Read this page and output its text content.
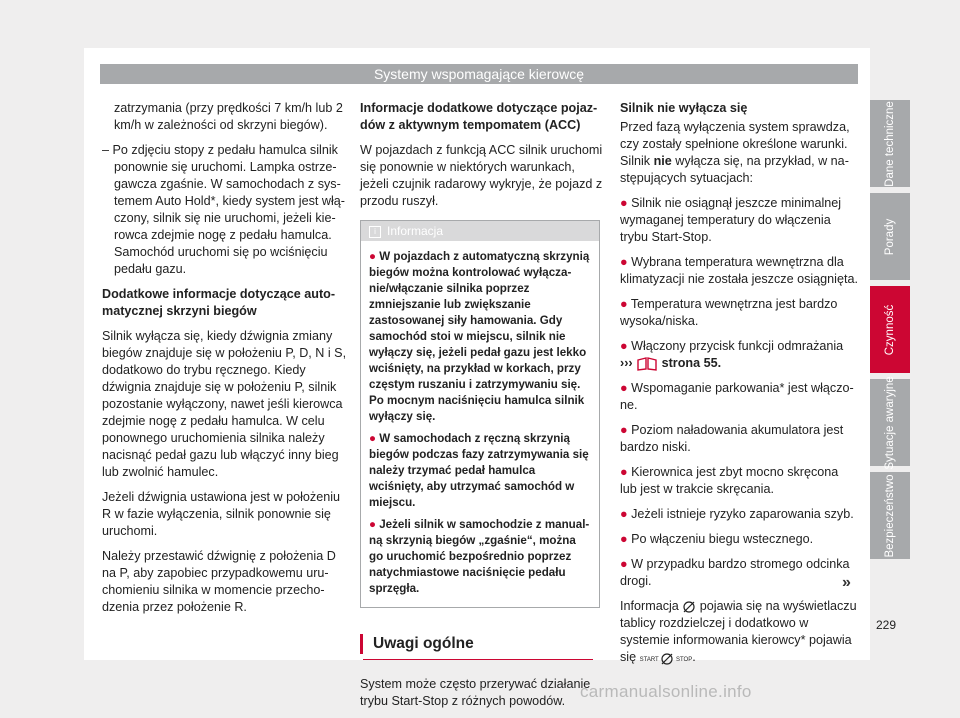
Systemy wspomagające kierowcę

zatrzymania (przy prędkości 7 km/h lub 2 km/h w zależności od skrzyni biegów).

– Po zdjęciu stopy z pedału hamulca silnik ponownie się uruchomi. Lampka ostrzegawcza zgaśnie. W samochodach z systemem Auto Hold*, kiedy system jest włączony, silnik się nie uruchomi, jeżeli kierowca zdejmie nogę z pedału hamulca. Samochód uruchomi się po wciśnięciu pedału gazu.

Dodatkowe informacje dotyczące automatycznej skrzyni biegów

Silnik wyłącza się, kiedy dźwignia zmiany biegów znajduje się w położeniu P, D, N i S, dodatkowo do trybu ręcznego. Kiedy dźwignia znajduje się w położeniu P, silnik pozostanie wyłączony, nawet jeśli kierowca zdejmie nogę z pedału hamulca. W celu ponownego uruchomienia silnika należy nacisnąć pedał gazu lub włączyć inny bieg lub zwolnić hamulec.

Jeżeli dźwignia ustawiona jest w położeniu R w fazie wyłączenia, silnik ponownie się uruchomi.

Należy przestawić dźwignię z położenia D na P, aby zapobiec przypadkowemu uruchomieniu silnika w momencie przechodzenia przez położenie R.

Informacje dodatkowe dotyczące pojazdów z aktywnym tempomatem (ACC)

W pojazdach z funkcją ACC silnik uruchomi się ponownie w niektórych warunkach, jeżeli czujnik radarowy wykryje, że pojazd z przodu ruszył.

i Informacja

● W pojazdach z automatyczną skrzynią biegów można kontrolować wyłączanie/włączanie silnika poprzez zmniejszanie lub zwiększanie zastosowanej siły hamowania. Gdy samochód stoi w miejscu, silnik nie wyłączy się, jeżeli pedał gazu jest lekko wciśnięty, na przykład w korkach, przy częstym ruszaniu i zatrzymywaniu się. Po mocnym naciśnięciu hamulca silnik wyłączy się.

● W samochodach z ręczną skrzynią biegów podczas fazy zatrzymywania się należy trzymać pedał hamulca wciśnięty, aby utrzymać samochód w miejscu.

● Jeżeli silnik w samochodzie z manualną skrzynią biegów „zgaśnie“, można go uruchomić bezpośrednio poprzez natychmiastowe naciśnięcie pedału sprzęgła.

Uwagi ogólne

System może często przerywać działanie trybu Start-Stop z różnych powodów.

Silnik nie wyłącza się

Przed fazą wyłączenia system sprawdza, czy zostały spełnione określone warunki. Silnik nie wyłącza się, na przykład, w następujących sytuacjach:

● Silnik nie osiągnął jeszcze minimalnej wymaganej temperatury do włączenia trybu Start-Stop.

● Wybrana temperatura wewnętrzna dla klimatyzacji nie została jeszcze osiągnięta.

● Temperatura wewnętrzna jest bardzo wysoka/niska.

● Włączony przycisk funkcji odmrażania
››› strona 55.

● Wspomaganie parkowania* jest włączone.

● Poziom naładowania akumulatora jest bardzo niski.

● Kierownica jest zbyt mocno skręcona lub jest w trakcie skręcania.

● Jeżeli istnieje ryzyko zaparowania szyb.

● Po włączeniu biegu wstecznego.

● W przypadku bardzo stromego odcinka drogi.

Informacja  pojawia się na wyświetlaczu tablicy rozdzielczej i dodatkowo w systemie informowania kierowcy* pojawia się START	STOP.

Dane techniczne
Porady
Czynność
Sytuacje awaryjne
Bezpieczeństwo
»
229
carmanualsonline.info
